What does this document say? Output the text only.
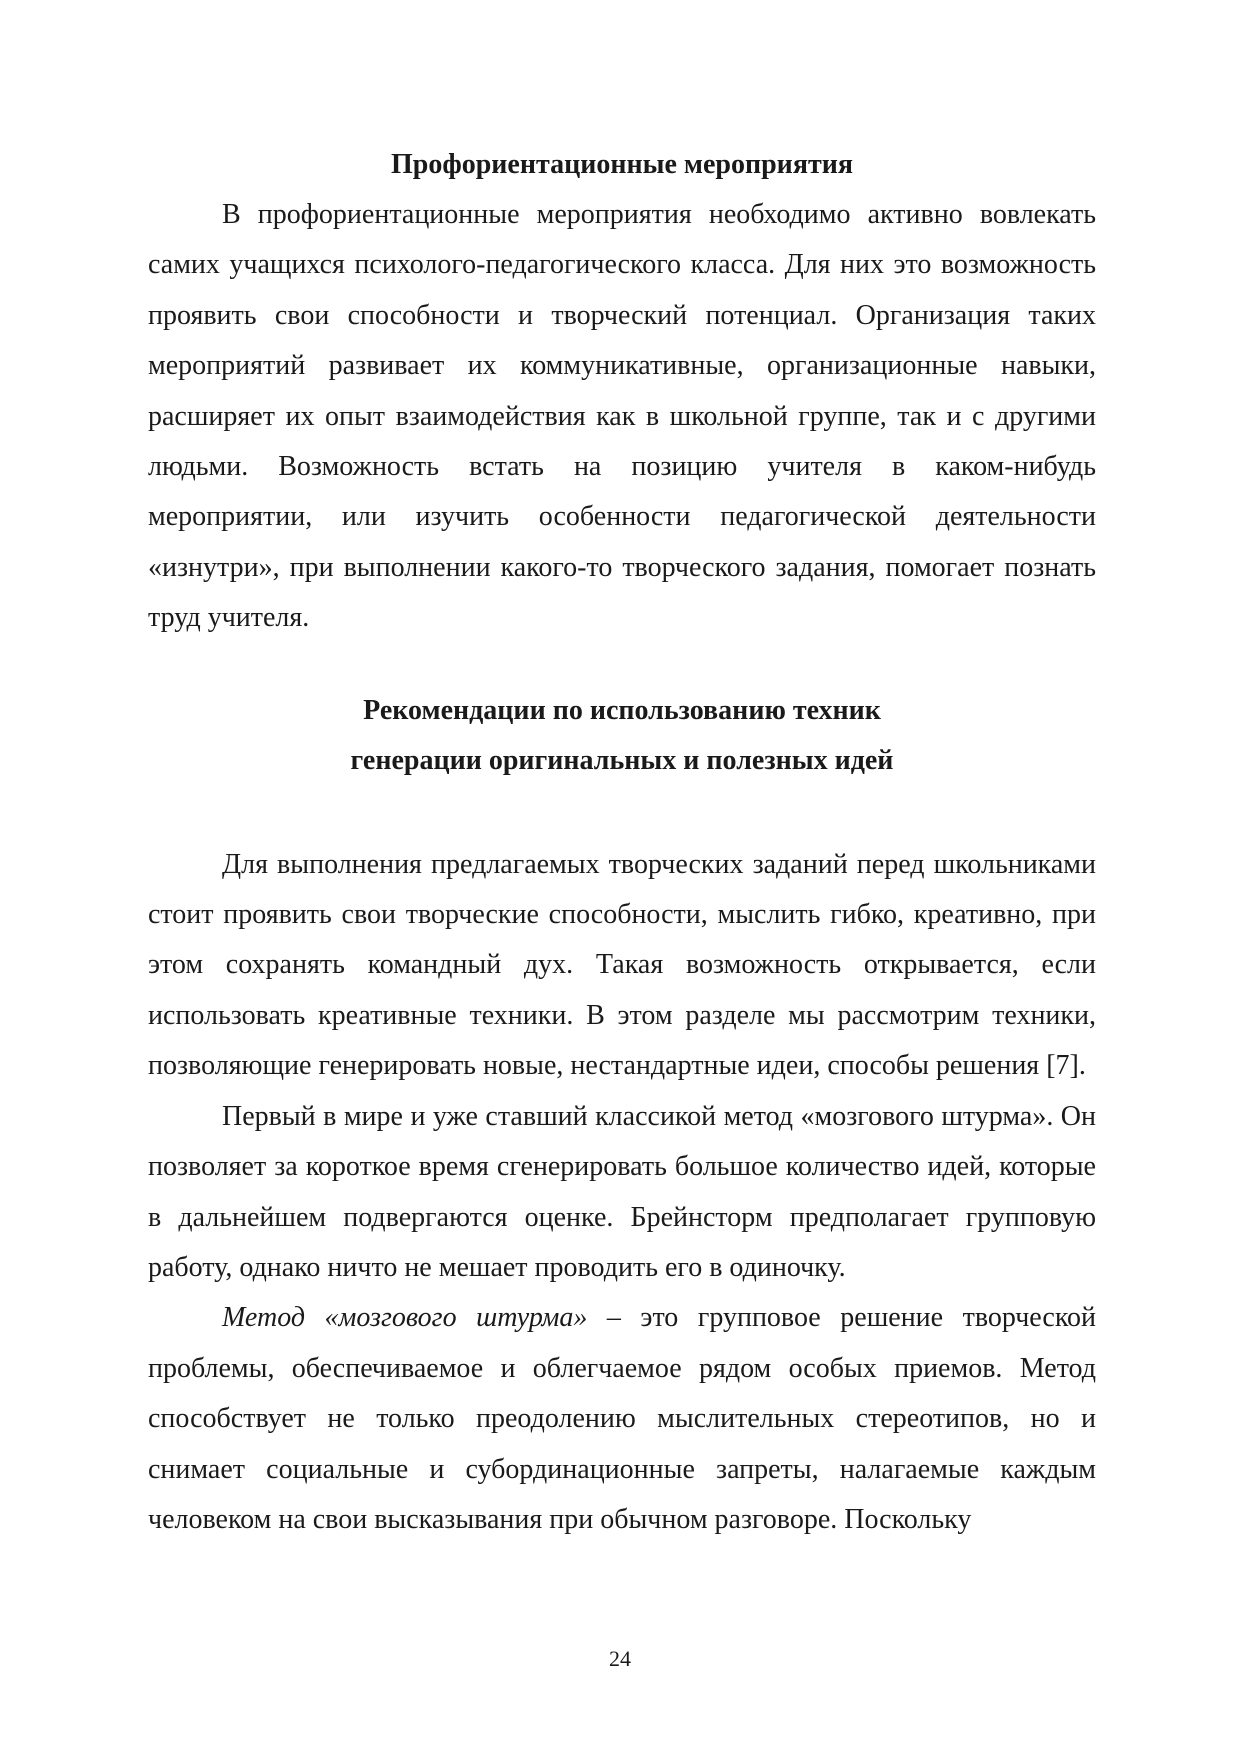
Профориентационные мероприятия

В профориентационные мероприятия необходимо активно вовлекать самих учащихся психолого-педагогического класса. Для них это возможность проявить свои способности и творческий потенциал. Организация таких мероприятий развивает их коммуникативные, организационные навыки, расширяет их опыт взаимодействия как в школьной группе, так и с другими людьми. Возможность встать на позицию учителя в каком-нибудь мероприятии, или изучить особенности педагогической деятельности «изнутри», при выполнении какого-то творческого задания, помогает познать труд учителя.

Рекомендации по использованию техник
генерации оригинальных и полезных идей

Для выполнения предлагаемых творческих заданий перед школьниками стоит проявить свои творческие способности, мыслить гибко, креативно, при этом сохранять командный дух. Такая возможность открывается, если использовать креативные техники. В этом разделе мы рассмотрим техники, позволяющие генерировать новые, нестандартные идеи, способы решения [7].

Первый в мире и уже ставший классикой метод «мозгового штурма». Он позволяет за короткое время сгенерировать большое количество идей, которые в дальнейшем подвергаются оценке. Брейнсторм предполагает групповую работу, однако ничто не мешает проводить его в одиночку.

Метод «мозгового штурма» – это групповое решение творческой проблемы, обеспечиваемое и облегчаемое рядом особых приемов. Метод способствует не только преодолению мыслительных стереотипов, но и снимает социальные и субординационные запреты, налагаемые каждым человеком на свои высказывания при обычном разговоре. Поскольку

24
